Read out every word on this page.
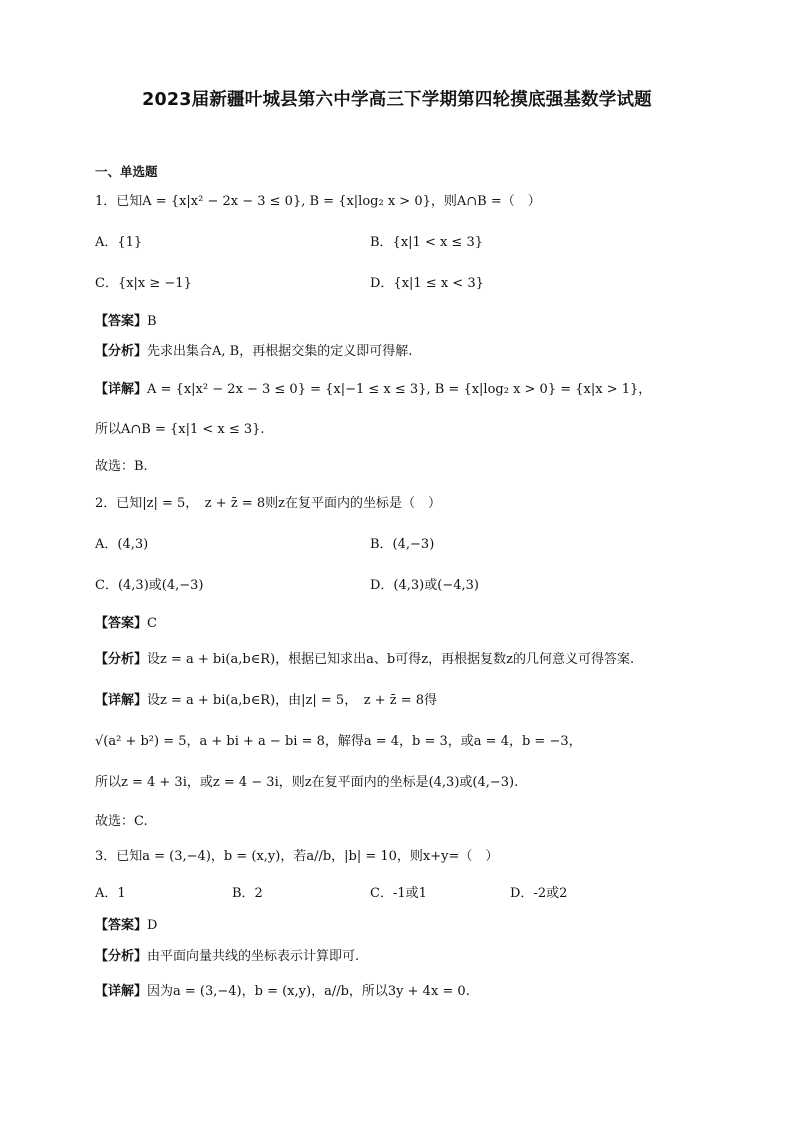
2023届新疆叶城县第六中学高三下学期第四轮摸底强基数学试题
一、单选题
1．已知A = {x|x² − 2x − 3 ≤ 0}, B = {x|log₂ x > 0}，则A∩B =（　）
A．{1}	B．{x|1 < x ≤ 3}
C．{x|x ≥ −1}	D．{x|1 ≤ x < 3}
【答案】B
【分析】先求出集合A, B，再根据交集的定义即可得解.
【详解】A = {x|x² − 2x − 3 ≤ 0} = {x|−1 ≤ x ≤ 3}, B = {x|log₂ x > 0} = {x|x > 1}，
所以A∩B = {x|1 < x ≤ 3}.
故选：B.
2．已知|z| = 5，　z + z̄ = 8则z在复平面内的坐标是（　）
A．(4,3)	B．(4,−3)
C．(4,3)或(4,−3)	D．(4,3)或(−4,3)
【答案】C
【分析】设z = a + bi(a,b∈R)，根据已知求出a、b可得z，再根据复数z的几何意义可得答案.
【详解】设z = a + bi(a,b∈R)，由|z| = 5，　z + z̄ = 8得
√(a² + b²) = 5，a + bi + a − bi = 8，解得a = 4，b = 3，或a = 4，b = −3，
所以z = 4 + 3i，或z = 4 − 3i，则z在复平面内的坐标是(4,3)或(4,−3).
故选：C.
3．已知a = (3,−4)，b = (x,y)，若a//b，|b| = 10，则x+y=（　）
A．1	B．2	C．-1或1	D．-2或2
【答案】D
【分析】由平面向量共线的坐标表示计算即可.
【详解】因为a = (3,−4)，b = (x,y)，a//b，所以3y + 4x = 0.
